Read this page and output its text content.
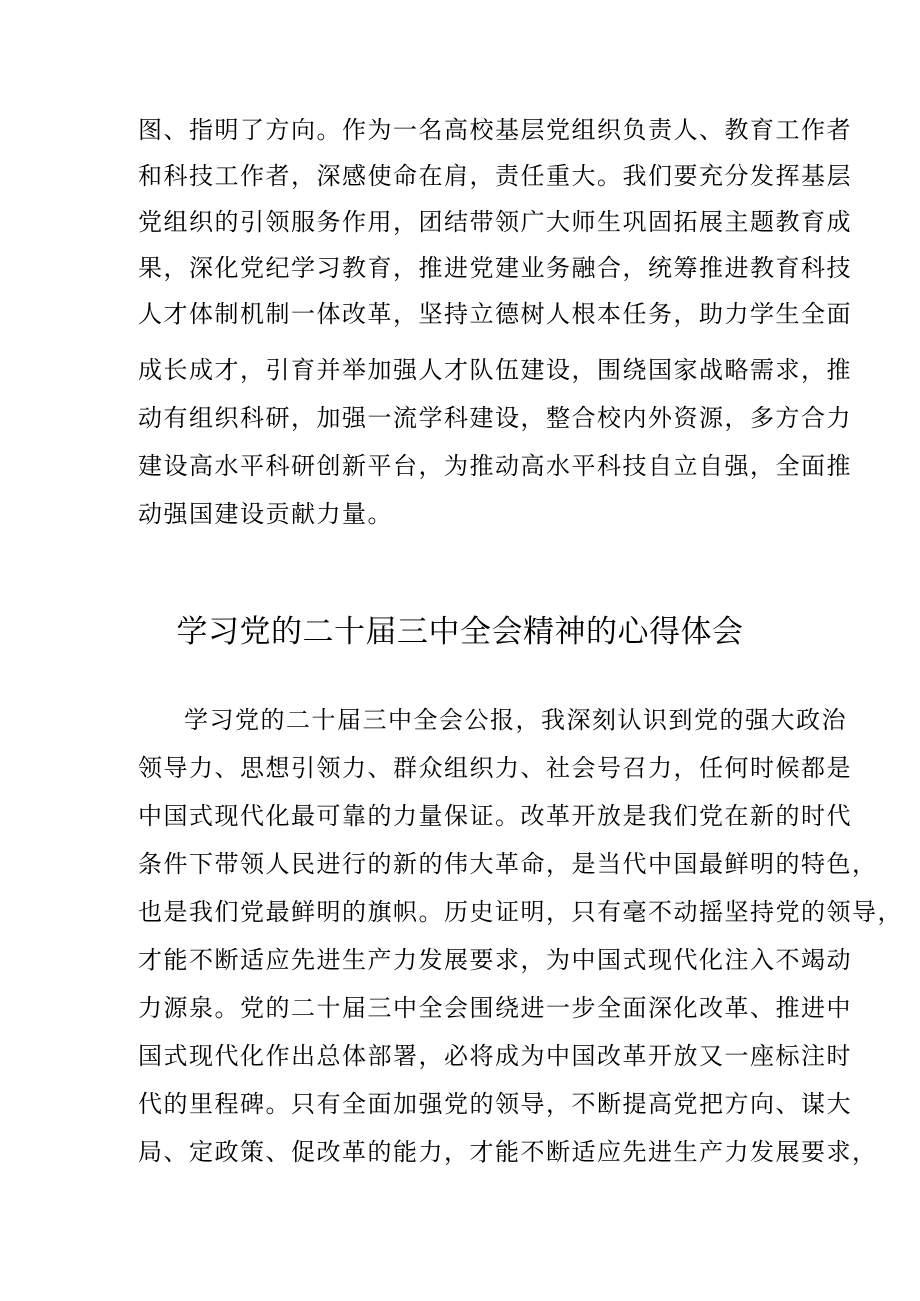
图、指明了方向。作为一名高校基层党组织负责人、教育工作者
和科技工作者，深感使命在肩，责任重大。我们要充分发挥基层
党组织的引领服务作用，团结带领广大师生巩固拓展主题教育成
果，深化党纪学习教育，推进党建业务融合，统筹推进教育科技
人才体制机制一体改革，坚持立德树人根本任务，助力学生全面
成长成才，引育并举加强人才队伍建设，围绕国家战略需求，推
动有组织科研，加强一流学科建设，整合校内外资源，多方合力
建设高水平科研创新平台，为推动高水平科技自立自强，全面推
动强国建设贡献力量。
学习党的二十届三中全会精神的心得体会
学习党的二十届三中全会公报，我深刻认识到党的强大政治
领导力、思想引领力、群众组织力、社会号召力，任何时候都是
中国式现代化最可靠的力量保证。改革开放是我们党在新的时代
条件下带领人民进行的新的伟大革命，是当代中国最鲜明的特色，
也是我们党最鲜明的旗帜。历史证明，只有毫不动摇坚持党的领导，
才能不断适应先进生产力发展要求，为中国式现代化注入不竭动
力源泉。党的二十届三中全会围绕进一步全面深化改革、推进中
国式现代化作出总体部署，必将成为中国改革开放又一座标注时
代的里程碑。只有全面加强党的领导，不断提高党把方向、谋大
局、定政策、促改革的能力，才能不断适应先进生产力发展要求，
